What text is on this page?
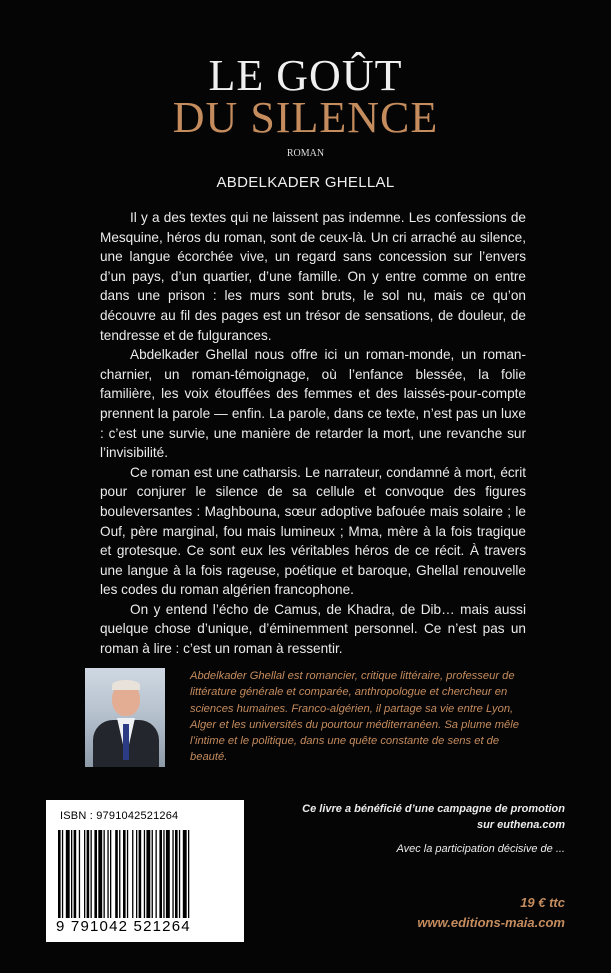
LE GOÛT
DU SILENCE
ROMAN
ABDELKADER GHELLAL

Il y a des textes qui ne laissent pas indemne. Les confessions de Mesquine, héros du roman, sont de ceux-là. Un cri arraché au silence, une langue écorchée vive, un regard sans concession sur l’envers d’un pays, d’un quartier, d’une famille. On y entre comme on entre dans une prison : les murs sont bruts, le sol nu, mais ce qu’on découvre au fil des pages est un trésor de sensations, de douleur, de tendresse et de fulgurances.

Abdelkader Ghellal nous offre ici un roman-monde, un roman-charnier, un roman-témoignage, où l’enfance blessée, la folie familière, les voix étouffées des femmes et des laissés-pour-compte prennent la parole — enfin. La parole, dans ce texte, n’est pas un luxe : c’est une survie, une manière de retarder la mort, une revanche sur l’invisibilité.

Ce roman est une catharsis. Le narrateur, condamné à mort, écrit pour conjurer le silence de sa cellule et convoque des figures bouleversantes : Maghbouna, sœur adoptive bafouée mais solaire ; le Ouf, père marginal, fou mais lumineux ; Mma, mère à la fois tragique et grotesque. Ce sont eux les véritables héros de ce récit. À travers une langue à la fois rageuse, poétique et baroque, Ghellal renouvelle les codes du roman algérien francophone.

On y entend l’écho de Camus, de Khadra, de Dib… mais aussi quelque chose d’unique, d’éminemment personnel. Ce n’est pas un roman à lire : c’est un roman à ressentir.

Abdelkader Ghellal est romancier, critique littéraire, professeur de littérature générale et comparée, anthropologue et chercheur en sciences humaines. Franco-algérien, il partage sa vie entre Lyon, Alger et les universités du pourtour méditerranéen. Sa plume mêle l’intime et le politique, dans une quête constante de sens et de beauté.
ISBN : 9791042521264
9 791042 521264
Ce livre a bénéficié d’une campagne de promotion
sur euthena.com
Avec la participation décisive de ...
19 € ttc
www.editions-maia.com
